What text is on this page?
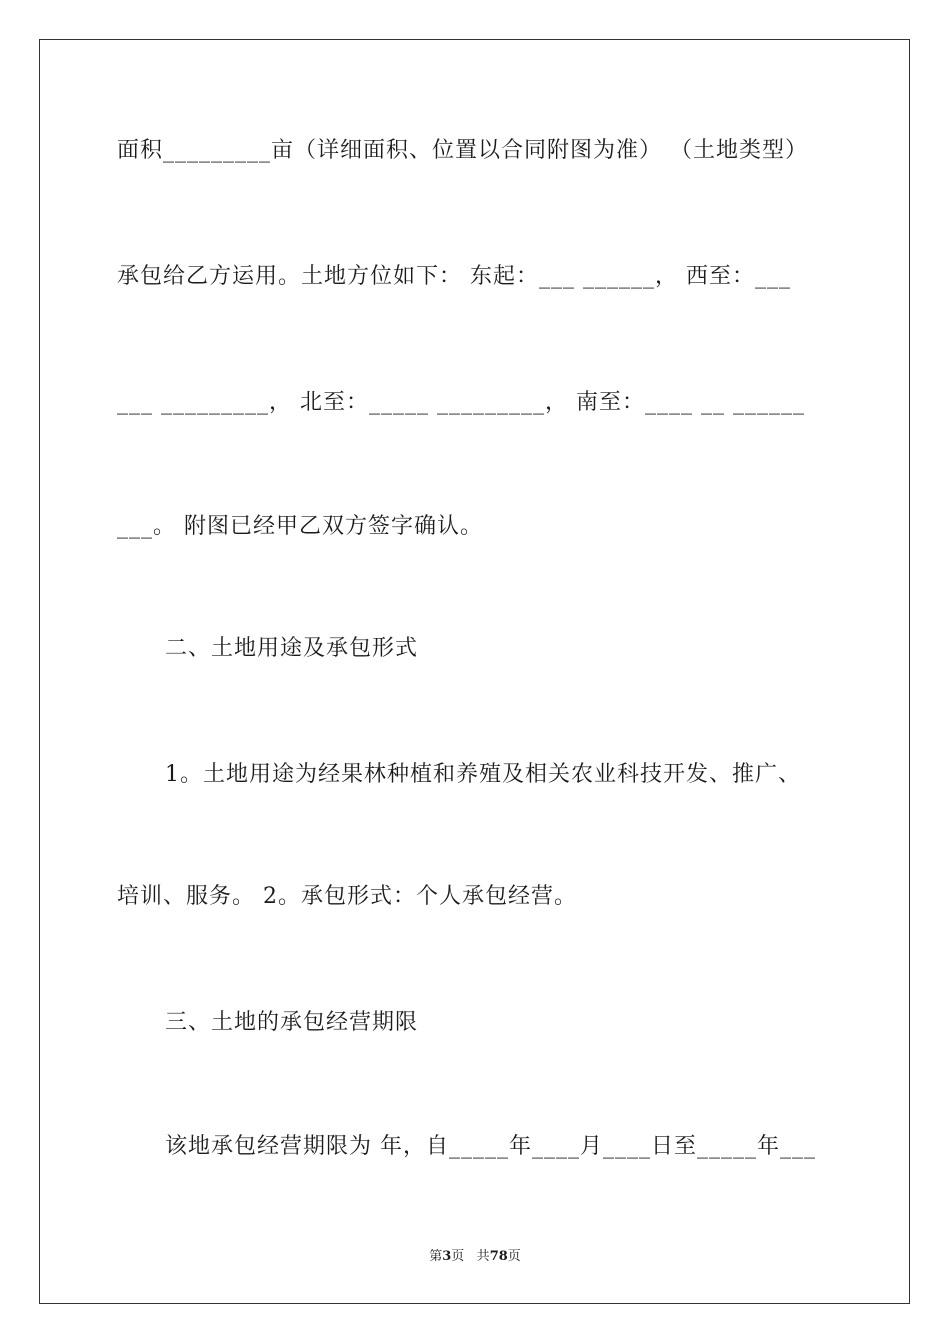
面积_________亩（详细面积、位置以合同附图为准） （土地类型）
承包给乙方运用。土地方位如下： 东起：___ ______， 西至：___
___ _________， 北至：_____ _________， 南至：____ __ ______
___。 附图已经甲乙双方签字确认。
二、土地用途及承包形式
1。土地用途为经果林种植和养殖及相关农业科技开发、推广、
培训、服务。 2。承包形式：个人承包经营。
三、土地的承包经营期限
该地承包经营期限为 年，自_____年____月____日至_____年___
第3页 共78页
